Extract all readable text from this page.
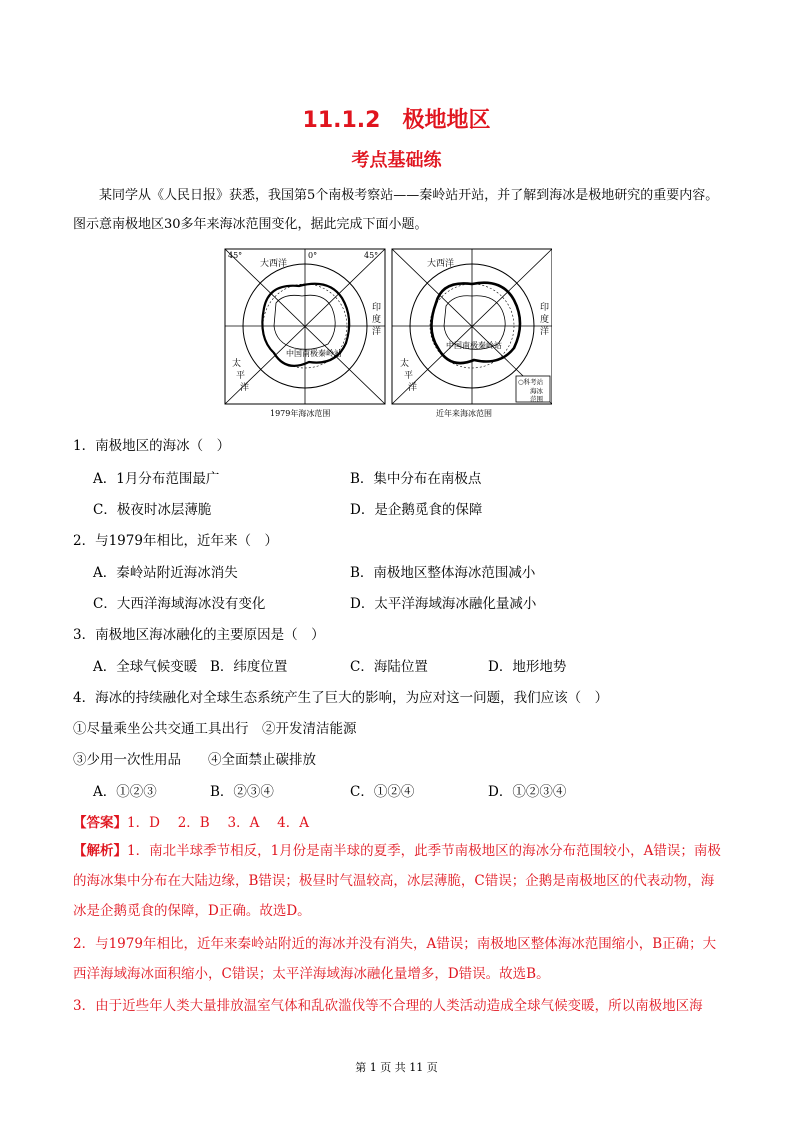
11.1.2　极地地区
考点基础练
某同学从《人民日报》获悉，我国第5个南极考察站——秦岭站开站，并了解到海冰是极地研究的重要内容。图示意南极地区30多年来海冰范围变化，据此完成下面小题。
45°	0°	45°
大西洋	大西洋
印
度
洋
印
度
洋
太
平
洋
太
平
洋
中国南极秦岭站
中国南极秦岭站
○科考站
海冰
范围
1979年海冰范围	近年来海冰范围
1．南极地区的海冰（　）
A．1月分布范围最广	B．集中分布在南极点
C．极夜时冰层薄脆	D．是企鹅觅食的保障
2．与1979年相比，近年来（　）
A．秦岭站附近海冰消失	B．南极地区整体海冰范围减小
C．大西洋海域海冰没有变化	D．太平洋海域海冰融化量减小
3．南极地区海冰融化的主要原因是（　）
A．全球气候变暖 B．纬度位置	C．海陆位置	D．地形地势
4．海冰的持续融化对全球生态系统产生了巨大的影响，为应对这一问题，我们应该（　）
①尽量乘坐公共交通工具出行　②开发清洁能源
③少用一次性用品　　④全面禁止碳排放
A．①②③	B．②③④	C．①②④	D．①②③④
【答案】1．D　 2．B　 3．A　 4．A
【解析】1．南北半球季节相反，1月份是南半球的夏季，此季节南极地区的海冰分布范围较小，A错误；南极的海冰集中分布在大陆边缘，B错误；极昼时气温较高，冰层薄脆，C错误；企鹅是南极地区的代表动物，海冰是企鹅觅食的保障，D正确。故选D。
2．与1979年相比，近年来秦岭站附近的海冰并没有消失，A错误；南极地区整体海冰范围缩小，B正确；大西洋海域海冰面积缩小，C错误；太平洋海域海冰融化量增多，D错误。故选B。
3．由于近些年人类大量排放温室气体和乱砍滥伐等不合理的人类活动造成全球气候变暖，所以南极地区海
第 1 页 共 11 页
